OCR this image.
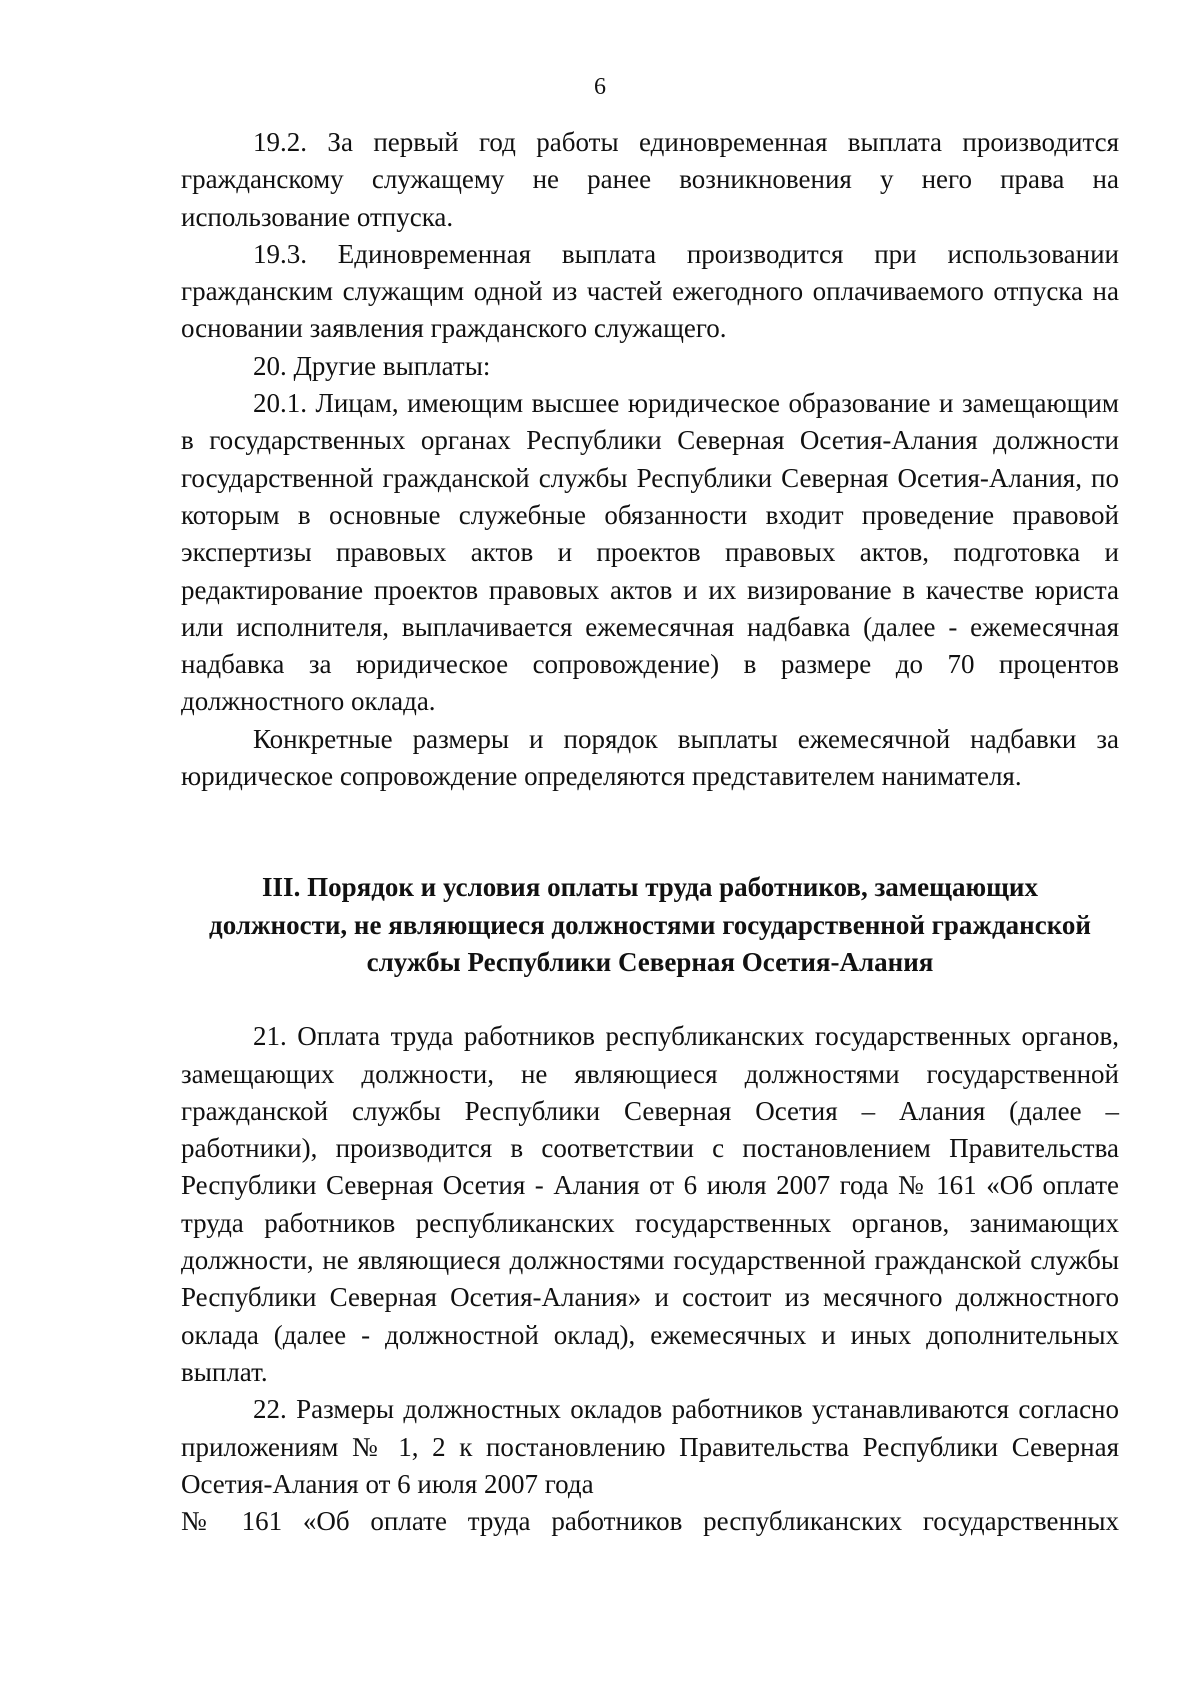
6

19.2. За первый год работы единовременная выплата производится гражданскому служащему не ранее возникновения у него права на использование отпуска.

19.3. Единовременная выплата производится при использовании гражданским служащим одной из частей ежегодного оплачиваемого отпуска на основании заявления гражданского служащего.

20. Другие выплаты:

20.1. Лицам, имеющим высшее юридическое образование и замещающим в государственных органах Республики Северная Осетия-Алания должности государственной гражданской службы Республики Северная Осетия-Алания, по которым в основные служебные обязанности входит проведение правовой экспертизы правовых актов и проектов правовых актов, подготовка и редактирование проектов правовых актов и их визирование в качестве юриста или исполнителя, выплачивается ежемесячная надбавка (далее - ежемесячная надбавка за юридическое сопровождение) в размере до 70 процентов должностного оклада.

Конкретные размеры и порядок выплаты ежемесячной надбавки за юридическое сопровождение определяются представителем нанимателя.

III. Порядок и условия оплаты труда работников, замещающих
должности, не являющиеся должностями государственной гражданской
службы Республики Северная Осетия-Алания

21. Оплата труда работников республиканских государственных органов, замещающих должности, не являющиеся должностями государственной гражданской службы Республики Северная Осетия – Алания (далее – работники), производится в соответствии с постановлением Правительства Республики Северная Осетия - Алания от 6 июля 2007 года № 161 «Об оплате труда работников республиканских государственных органов, занимающих должности, не являющиеся должностями государственной гражданской службы Республики Северная Осетия-Алания» и состоит из месячного должностного оклада (далее - должностной оклад), ежемесячных и иных дополнительных выплат.

22. Размеры должностных окладов работников устанавливаются согласно приложениям № 1, 2 к постановлению Правительства Республики Северная Осетия-Алания от 6 июля 2007 года

№ 161 «Об оплате труда работников республиканских государственных
